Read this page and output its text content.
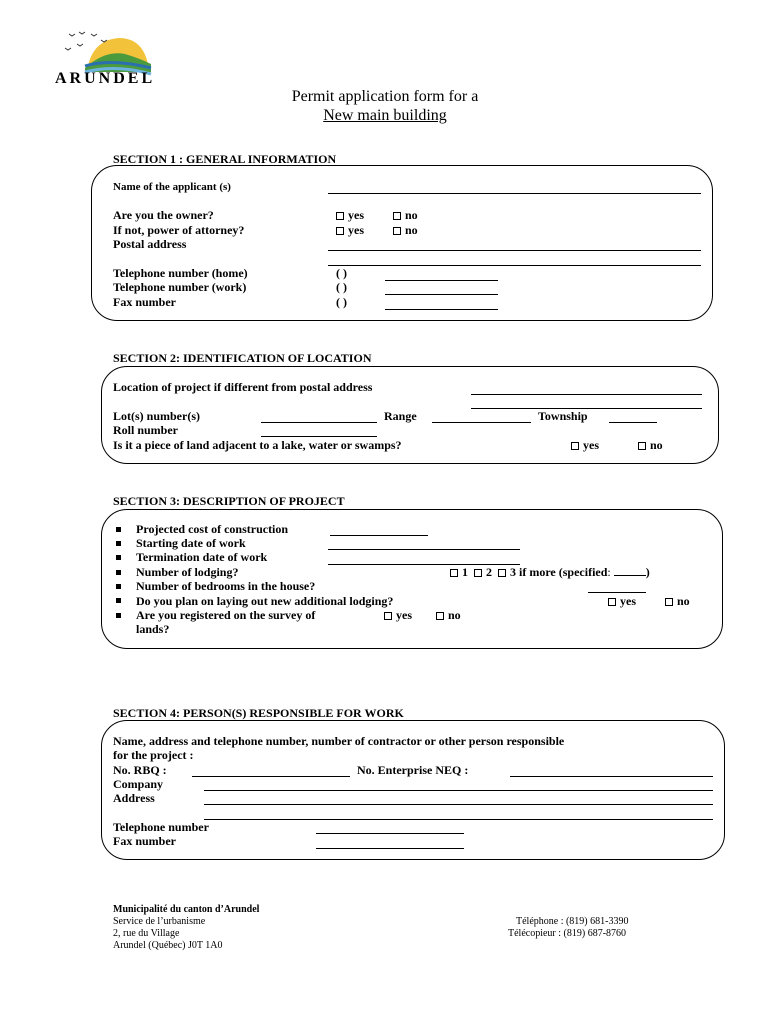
ARUNDEL
Permit application form for a
New main building
SECTION 1 : GENERAL INFORMATION
Name of the applicant (s)
Are you the owner?	yes	no
If not, power of attorney?	yes	no
Postal address
Telephone number (home)	( )
Telephone number (work)	( )
Fax number	( )
SECTION 2: IDENTIFICATION OF LOCATION
Location of project if different from postal address
Lot(s) number(s)	Range	Township
Roll number
Is it a piece of land adjacent to a lake, water or swamps?	yes	no
SECTION 3: DESCRIPTION OF PROJECT
Projected cost of construction
Starting date of work
Termination date of work
Number of lodging?	1 2 3 if more (specified:	)
Number of bedrooms in the house?
Do you plan on laying out new additional lodging?	yes	no
Are you registered on the survey of	yes	no
lands?
SECTION 4: PERSON(S) RESPONSIBLE FOR WORK
Name, address and telephone number, number of contractor or other person responsible
for the project :
No. RBQ :	No. Enterprise NEQ :
Company
Address
Telephone number
Fax number
Municipalité du canton d’Arundel
Service de l’urbanisme
2, rue du Village
Arundel (Québec) J0T 1A0
Téléphone : (819) 681-3390
Télécopieur : (819) 687-8760
